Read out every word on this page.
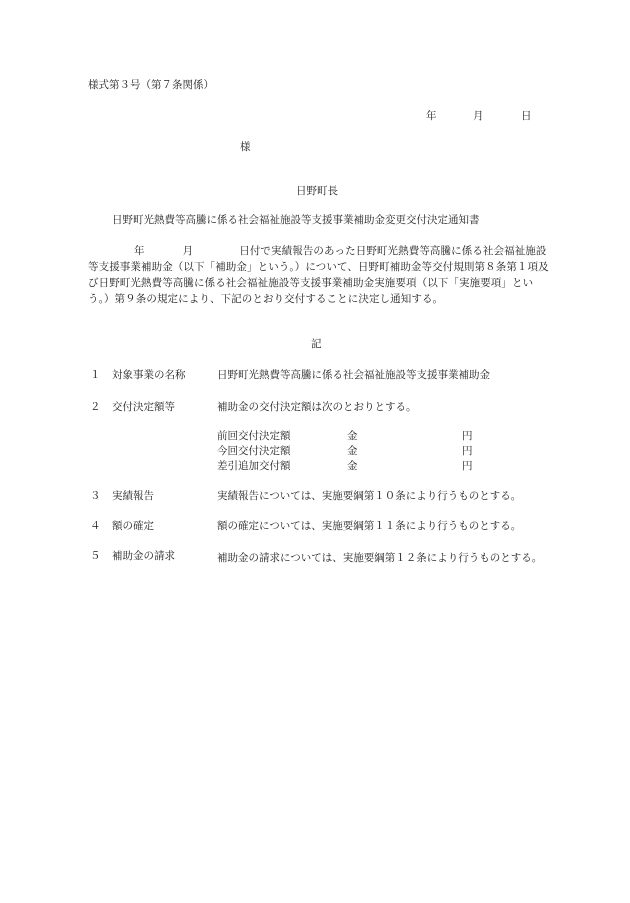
様式第３号（第７条関係）
年	月	日
様
日野町長
日野町光熱費等高騰に係る社会福祉施設等支援事業補助金変更交付決定通知書
年	月	日付で実績報告のあった日野町光熱費等高騰に係る社会福祉施設等支援事業補助金（以下「補助金」という。）について、日野町補助金等交付規則第８条第１項及び日野町光熱費等高騰に係る社会福祉施設等支援事業補助金実施要項（以下「実施要項」という。）第９条の規定により、下記のとおり交付することに決定し通知する。
記
１ 対象事業の名称	日野町光熱費等高騰に係る社会福祉施設等支援事業補助金
２ 交付決定額等	補助金の交付決定額は次のとおりとする。
前回交付決定額	金	円
今回交付決定額	金	円
差引追加交付額	金	円
３ 実績報告	実績報告については、実施要綱第１０条により行うものとする。
４ 額の確定	額の確定については、実施要綱第１１条により行うものとする。
５ 補助金の請求	補助金の請求については、実施要綱第１２条により行うものとする。
